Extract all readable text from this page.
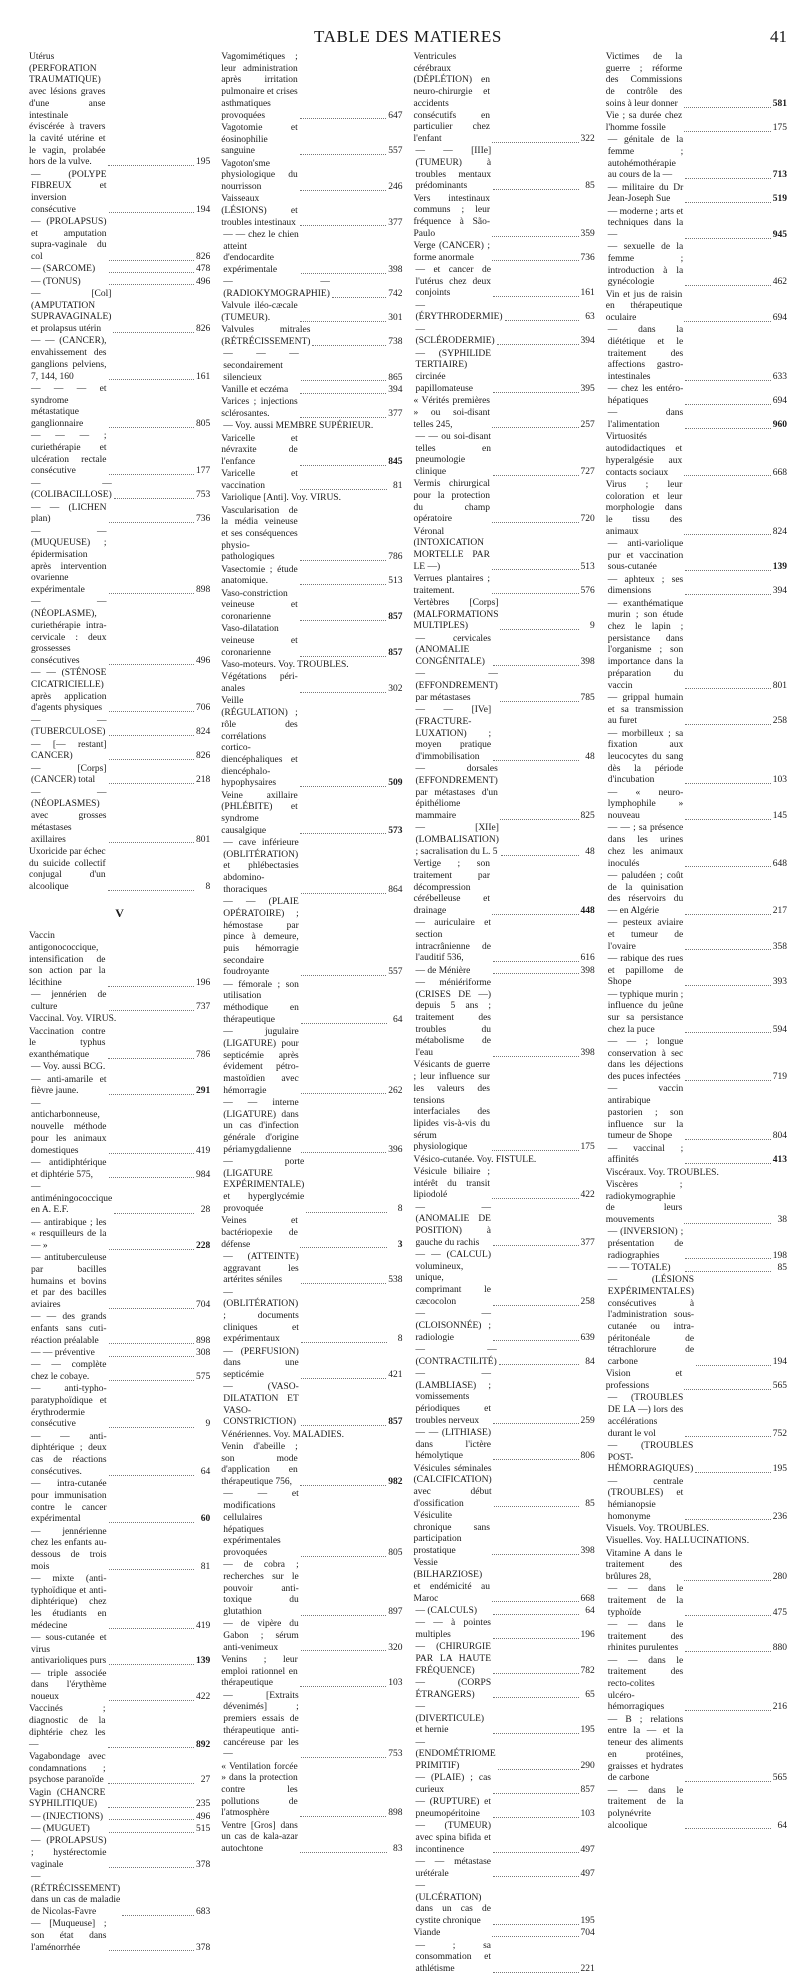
TABLE DES MATIERES	41
Utérus (PERFORATION TRAUMATIQUE) avec lésions graves d'une anse intestinale éviscérée à travers la cavité utérine et le vagin, prolabée hors de la vulve.	195
— (POLYPE FIBREUX et inversion consécutive	194
— (PROLAPSUS) et amputation supra-vaginale du col	826
— (SARCOME)	478
— (TONUS)	496
— [Col] (AMPUTATION SUPRAVAGINALE) et prolapsus utérin	826
— — (CANCER), envahissement des ganglions pelviens, 7, 144, 160	161
— — — et syndrome métastatique ganglionnaire	805
— — — ; curiethérapie et ulcération rectale consécutive	177
— — (COLIBACILLOSE)	753
— — (LICHEN plan)	736
— — (MUQUEUSE) ; épidermisation après intervention ovarienne expérimentale	898
— — (NÉOPLASME), curiethérapie intra-cervicale : deux grossesses consécutives	496
— — (STÉNOSE CICATRICIELLE) après application d'agents physiques	706
— — (TUBERCULOSE)	824
— [— restant] CANCER)	826
— [Corps] (CANCER) total	218
— — (NÉOPLASMES) avec grosses métastases axillaires	801
Uxoricide par échec du suicide collectif conjugal d'un alcoolique	8
V
Vaccin antigonococcique, intensification de son action par la lécithine	196
— jennérien de culture	737
Vaccinal. Voy. VIRUS.
Vaccination contre le typhus exanthématique	786
— Voy. aussi BCG.
— anti-amarile et fièvre jaune.	291
— anticharbonneuse, nouvelle méthode pour les animaux domestiques	419
— antidiphtérique et diphtérie 575,	984
— antiméningococcique en A. E.F.	28
— antirabique ; les « resquilleurs de la — »	228
— antituberculeuse par bacilles humains et bovins et par des bacilles aviaires	704
— — des grands enfants sans cuti-réaction préalable	898
— — préventive	308
— — complète chez le cobaye.	575
— anti-typho-paratyphoïdique et érythrodermie consécutive	9
— — anti-diphtérique ; deux cas de réactions consécutives.	64
— intra-cutanée pour immunisation contre le cancer expérimental	60
— jennérienne chez les enfants au-dessous de trois mois	81
— mixte (anti-typhoïdique et anti-diphtérique) chez les étudiants en médecine	419
— sous-cutanée et virus antivarioliques purs	139
— triple associée dans l'érythème noueux	422
Vaccinés ; diagnostic de la diphtérie chez les —	892
Vagabondage avec condamnations ; psychose paranoïde	27
Vagin (CHANCRE SYPHILITIQUE)	235
— (INJECTIONS)	496
— (MUGUET)	515
— (PROLAPSUS) ; hystérectomie vaginale	378
— (RÉTRÉCISSEMENT) dans un cas de maladie de Nicolas-Favre	683
— [Muqueuse] ; son état dans l'aménorrhée	378
Vagomimétiques ; leur administration après irritation pulmonaire et crises asthmatiques provoquées	647
Vagotomie et éosinophilie sanguine	557
Vagoton'sme physiologique du nourrisson	246
Vaisseaux (LÉSIONS) et troubles intestinaux	377
— — chez le chien atteint d'endocardite expérimentale	398
— — (RADIOKYMOGRAPHIE)	742
Valvule iléo-cæcale (TUMEUR).	301
Valvules mitrales (RÉTRÉCISSEMENT)	738
— — — secondairement silencieux	865
Vanille et eczéma	394
Varices ; injections sclérosantes.	377
— Voy. aussi MEMBRE SUPÉRIEUR.
Varicelle et névraxite de l'enfance	845
Varicelle et vaccination	81
Variolique [Anti]. Voy. VIRUS.
Vascularisation de la média veineuse et ses conséquences physio-pathologiques	786
Vasectomie ; étude anatomique.	513
Vaso-constriction veineuse et coronarienne	857
Vaso-dilatation veineuse et coronarienne	857
Vaso-moteurs. Voy. TROUBLES.
Végétations péri-anales	302
Veille (RÉGULATION) ; rôle des corrélations cortico-diencéphaliques et diencéphalo-hypophysaires	509
Veine axillaire (PHLÉBITE) et syndrome causalgique	573
— cave inférieure (OBLITÉRATION) et phlébectasies abdomino-thoraciques	864
— — (PLAIE OPÉRATOIRE) ; hémostase par pince à demeure, puis hémorragie secondaire foudroyante	557
— fémorale ; son utilisation méthodique en thérapeutique	64
— jugulaire (LIGATURE) pour septicémie après évidement pétro-mastoïdien avec hémorragie	262
— — interne (LIGATURE) dans un cas d'infection générale d'origine périamygdalienne	396
— porte (LIGATURE EXPÉRIMENTALE) et hyperglycémie provoquée	8
Veines et bactériopexie de défense	3
— (ATTEINTE) aggravant les artérites séniles	538
— (OBLITÉRATION) ; documents cliniques et expérimentaux	8
— (PERFUSION) dans une septicémie	421
— (VASO-DILATATION ET VASO-CONSTRICTION)	857
Vénériennes. Voy. MALADIES.
Venin d'abeille ; son mode d'application en thérapeutique 756,	982
— — et modifications cellulaires hépatiques expérimentales provoquées	805
— de cobra ; recherches sur le pouvoir anti-toxique du glutathion	897
— de vipère du Gabon ; sérum anti-venimeux	320
Venins ; leur emploi rationnel en thérapeutique	103
— [Extraits dévenimés] ; premiers essais de thérapeutique anti-cancéreuse par les —	753
« Ventilation forcée » dans la protection contre les pollutions de l'atmosphère	898
Ventre [Gros] dans un cas de kala-azar autochtone	83
Ventricules cérébraux (DÉPLÉTION) en neuro-chirurgie et accidents consécutifs en particulier chez l'enfant	322
— — [IIIe] (TUMEUR) à troubles mentaux prédominants	85
Vers intestinaux communs ; leur fréquence à São-Paulo	359
Verge (CANCER) ; forme anormale	736
— et cancer de l'utérus chez deux conjoints	161
— (ÉRYTHRODERMIE)	63
— (SCLÉRODERMIE)	394
— (SYPHILIDE TERTIAIRE) circinée papillomateuse	395
« Vérités premières » ou soi-disant telles 245,	257
— — ou soi-disant telles en pneumologie clinique	727
Vermis chirurgical pour la protection du champ opératoire	720
Véronal (INTOXICATION MORTELLE PAR LE —)	513
Verrues plantaires ; traitement.	576
Vertèbres [Corps] (MALFORMATIONS MULTIPLES)	9
— cervicales (ANOMALIE CONGÉNITALE)	398
— — (EFFONDREMENT) par métastases	785
— — [IVe] (FRACTURE-LUXATION) ; moyen pratique d'immobilisation	48
— dorsales (EFFONDREMENT) par métastases d'un épithéliome mammaire	825
— [XIIe] (LOMBALISATION) ; sacralisation du L. 5	48
Vertige ; son traitement par décompression cérébelleuse et drainage	448
— auriculaire et section intracrânienne de l'auditif 536,	616
— de Ménière	398
— méniériforme (CRISES DE —) depuis 5 ans ; traitement des troubles du métabolisme de l'eau	398
Vésicants de guerre ; leur influence sur les valeurs des tensions interfaciales des lipides vis-à-vis du sérum physiologique	175
Vésico-cutanée. Voy. FISTULE.
Vésicule biliaire ; intérêt du transit lipiodolé	422
— — (ANOMALIE DE POSITION) à gauche du rachis	377
— — (CALCUL) volumineux, unique, comprimant le cæcocolon	258
— — (CLOISONNÉE) ; radiologie	639
— — (CONTRACTILITÉ)	84
— — (LAMBLIASE) ; vomissements périodiques et troubles nerveux	259
— — (LITHIASE) dans l'ictère hémolytique	806
Vésicules séminales (CALCIFICATION) avec début d'ossification	85
Vésiculite chronique sans participation prostatique	398
Vessie (BILHARZIOSE) et endémicité au Maroc	668
— (CALCULS)	64
— — à pointes multiples	196
— (CHIRURGIE PAR LA HAUTE FRÉQUENCE)	782
— (CORPS ÉTRANGERS)	65
— (DIVERTICULE) et hernie	195
— (ENDOMÉTRIOME PRIMITIF)	290
— (PLAIE) ; cas curieux	857
— (RUPTURE) et pneumopéritoine	103
— (TUMEUR) avec spina bifida et incontinence	497
— — métastase urétérale	497
— (ULCÉRATION) dans un cas de cystite chronique	195
Viande	704
— ; sa consommation et athlétisme	221
Victimes de la guerre ; réforme des Commissions de contrôle des soins à leur donner	581
Vie ; sa durée chez l'homme fossile	175
— génitale de la femme ; autohémothérapie au cours de la —	713
— militaire du Dr Jean-Joseph Sue	519
— moderne ; arts et techniques dans la —	945
— sexuelle de la femme ; introduction à la gynécologie	462
Vin et jus de raisin en thérapeutique oculaire	694
— dans la diététique et le traitement des affections gastro-intestinales	633
— chez les entéro-hépatiques	694
— dans l'alimentation	960
Virtuosités autodidactiques et hyperalgésie aux contacts sociaux	668
Virus ; leur coloration et leur morphologie dans le tissu des animaux	824
— anti-variolique pur et vaccination sous-cutanée	139
— aphteux ; ses dimensions	394
— exanthématique murin ; son étude chez le lapin ; persistance dans l'organisme ; son importance dans la préparation du vaccin	801
— grippal humain et sa transmission au furet	258
— morbilleux ; sa fixation aux leucocytes du sang dès la période d'incubation	103
— « neuro-lymphophile » nouveau	145
— — ; sa présence dans les urines chez les animaux inoculés	648
— paludéen ; coût de la quinisation des réservoirs du — en Algérie	217
— pesteux aviaire et tumeur de l'ovaire	358
— rabique des rues et papillome de Shope	393
— typhique murin ; influence du jeûne sur sa persistance chez la puce	594
— — ; longue conservation à sec dans les déjections des puces infectées	719
— vaccin antirabique pastorien ; son influence sur la tumeur de Shope	804
— vaccinal ; affinités	413
Viscéraux. Voy. TROUBLES.
Viscères ; radiokymographie de leurs mouvements	38
— (INVERSION) ; présentation de radiographies	198
— — TOTALE)	85
— (LÉSIONS EXPÉRIMENTALES) consécutives à l'administration sous-cutanée ou intra-péritonéale de tétrachlorure de carbone	194
Vision et professions	565
— (TROUBLES DE LA —) lors des accélérations durant le vol	752
— (TROUBLES POST-HÉMORRAGIQUES)	195
— centrale (TROUBLES) et hémianopsie homonyme	236
Visuels. Voy. TROUBLES.
Visuelles. Voy. HALLUCINATIONS.
Vitamine A dans le traitement des brûlures 28,	280
— — dans le traitement de la typhoïde	475
— — dans le traitement des rhinites purulentes	880
— — dans le traitement des recto-colites ulcéro-hémorragiques	216
— B ; relations entre la — et la teneur des aliments en protéines, graisses et hydrates de carbone	565
— — dans le traitement de la polynévrite alcoolique	64
